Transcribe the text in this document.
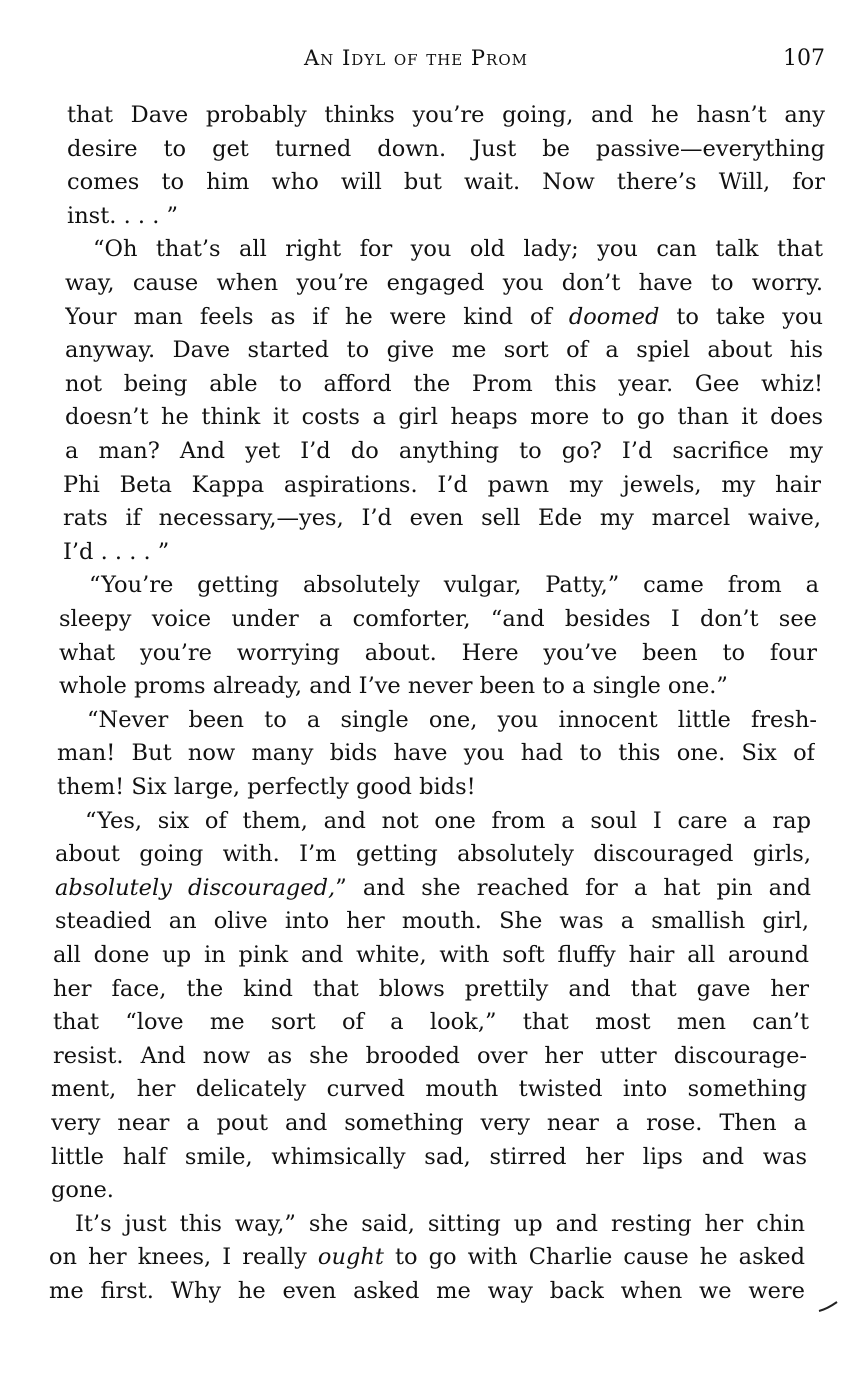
An Idyl of the Prom	107
that Dave probably thinks you’re going, and he hasn’t any
desire to get turned down. Just be passive—everything
comes to him who will but wait. Now there’s Will, for
inst. . . . ”
“Oh that’s all right for you old lady; you can talk that
way, cause when you’re engaged you don’t have to worry.
Your man feels as if he were kind of doomed to take you
anyway. Dave started to give me sort of a spiel about his
not being able to afford the Prom this year. Gee whiz!
doesn’t he think it costs a girl heaps more to go than it does
a man? And yet I’d do anything to go? I’d sacrifice my
Phi Beta Kappa aspirations. I’d pawn my jewels, my hair
rats if necessary,—yes, I’d even sell Ede my marcel waive,
I’d . . . . ”
“You’re getting absolutely vulgar, Patty,” came from a
sleepy voice under a comforter, “and besides I don’t see
what you’re worrying about. Here you’ve been to four
whole proms already, and I’ve never been to a single one.”
“Never been to a single one, you innocent little fresh-
man! But now many bids have you had to this one. Six of
them! Six large, perfectly good bids!
“Yes, six of them, and not one from a soul I care a rap
about going with. I’m getting absolutely discouraged girls,
absolutely discouraged,” and she reached for a hat pin and
steadied an olive into her mouth. She was a smallish girl,
all done up in pink and white, with soft fluffy hair all around
her face, the kind that blows prettily and that gave her
that “love me sort of a look,” that most men can’t
resist. And now as she brooded over her utter discourage-
ment, her delicately curved mouth twisted into something
very near a pout and something very near a rose. Then a
little half smile, whimsically sad, stirred her lips and was
gone.
It’s just this way,” she said, sitting up and resting her chin
on her knees, I really ought to go with Charlie cause he asked
me first. Why he even asked me way back when we were
